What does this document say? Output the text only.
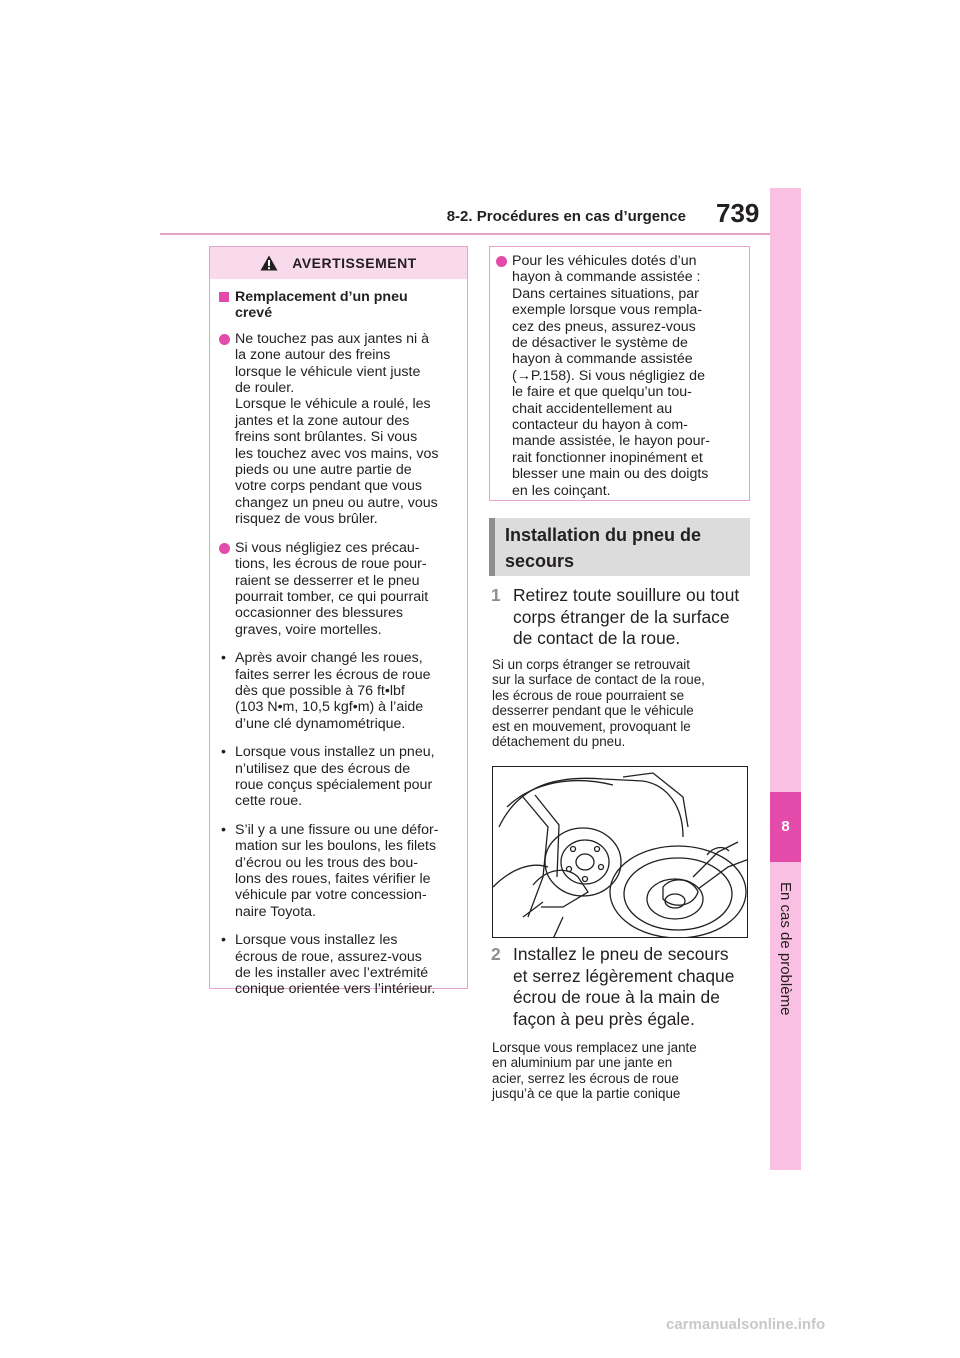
8-2. Procédures en cas d’urgence 739
8
En cas de problème
AVERTISSEMENT
Remplacement d’un pneu
crevé
Ne touchez pas aux jantes ni à
la zone autour des freins
lorsque le véhicule vient juste
de rouler.
Lorsque le véhicule a roulé, les
jantes et la zone autour des
freins sont brûlantes. Si vous
les touchez avec vos mains, vos
pieds ou une autre partie de
votre corps pendant que vous
changez un pneu ou autre, vous
risquez de vous brûler.
Si vous négligiez ces précau-
tions, les écrous de roue pour-
raient se desserrer et le pneu
pourrait tomber, ce qui pourrait
occasionner des blessures
graves, voire mortelles.
• Après avoir changé les roues,
faites serrer les écrous de roue
dès que possible à 76 ft•lbf
(103 N•m, 10,5 kgf•m) à l’aide
d’une clé dynamométrique.
• Lorsque vous installez un pneu,
n’utilisez que des écrous de
roue conçus spécialement pour
cette roue.
• S’il y a une fissure ou une défor-
mation sur les boulons, les filets
d’écrou ou les trous des bou-
lons des roues, faites vérifier le
véhicule par votre concession-
naire Toyota.
• Lorsque vous installez les
écrous de roue, assurez-vous
de les installer avec l’extrémité
conique orientée vers l’intérieur.
Pour les véhicules dotés d’un
hayon à commande assistée :
Dans certaines situations, par
exemple lorsque vous rempla-
cez des pneus, assurez-vous
de désactiver le système de
hayon à commande assistée
(→P.158). Si vous négligiez de
le faire et que quelqu’un tou-
chait accidentellement au
contacteur du hayon à com-
mande assistée, le hayon pour-
rait fonctionner inopinément et
blesser une main ou des doigts
en les coinçant.
Installation du pneu de
secours
1 Retirez toute souillure ou tout
corps étranger de la surface
de contact de la roue.
Si un corps étranger se retrouvait
sur la surface de contact de la roue,
les écrous de roue pourraient se
desserrer pendant que le véhicule
est en mouvement, provoquant le
détachement du pneu.
2 Installez le pneu de secours
et serrez légèrement chaque
écrou de roue à la main de
façon à peu près égale.
Lorsque vous remplacez une jante
en aluminium par une jante en
acier, serrez les écrous de roue
jusqu’à ce que la partie conique
carmanualsonline.info
